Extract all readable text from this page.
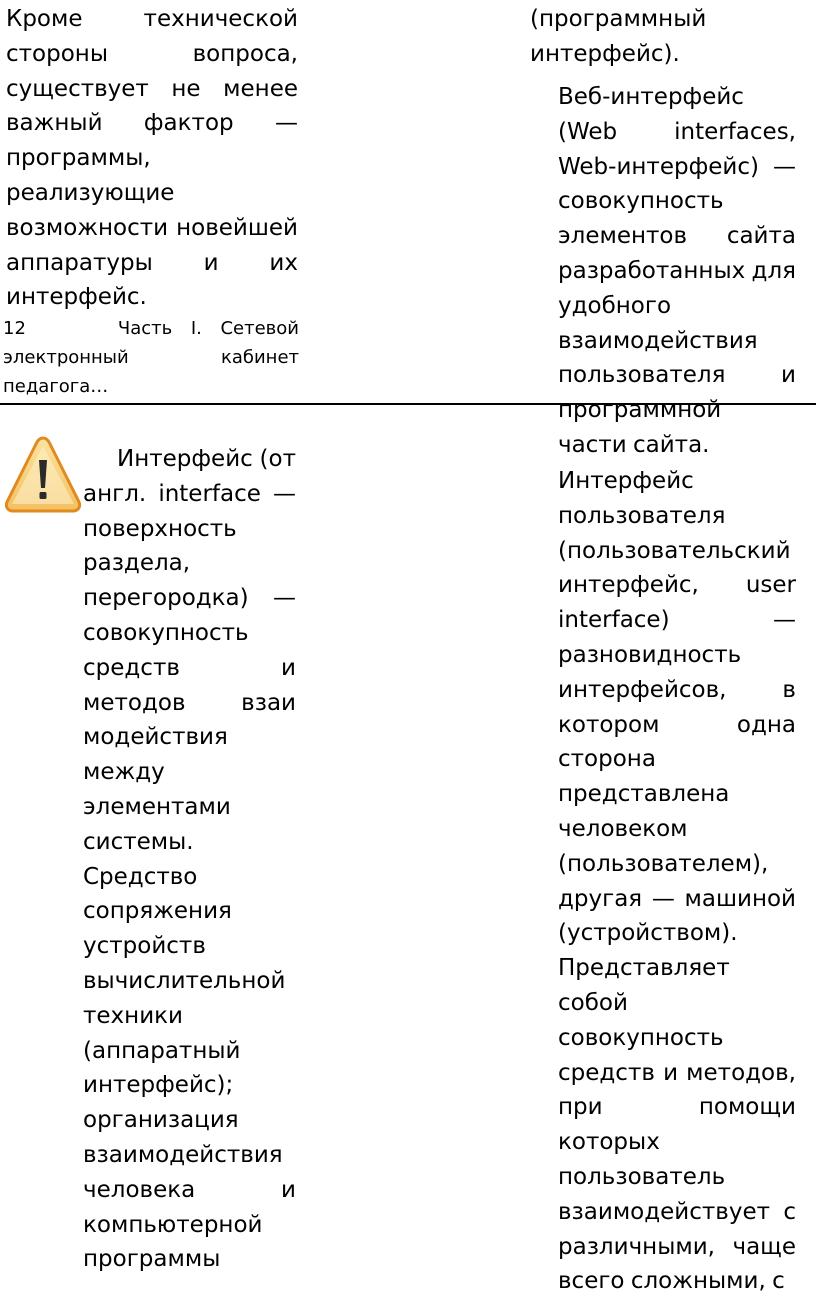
Кроме технической стороны вопроса, существует не менее важный фактор — программы, реализующие возможности новейшей аппаратуры и их интерфейс.

12	Часть I. Сетевой электронный кабинет педагога…

Интерфейс (от англ. interface — поверхность раздела, перегородка) — совокупность средств и методов взаи модействия между элементами системы.

Средство сопряжения устройств вычислительной техники (аппаратный интерфейс); организация взаимодействия человека и компьютерной программы

(программный интерфейс).

Веб-интерфейс (Web interfaces, Web-интерфейс) — совокупность элементов сайта разработанных для удобного взаимодействия пользователя и программной части сайта.

Интерфейс пользователя (пользовательский интерфейс, user interface) — разновидность интерфейсов, в котором одна сторона представлена человеком (пользователем), другая — машиной (устройством). Представляет собой совокупность средств и методов, при помощи которых пользователь взаимодействует с различными, чаще всего сложными, с
